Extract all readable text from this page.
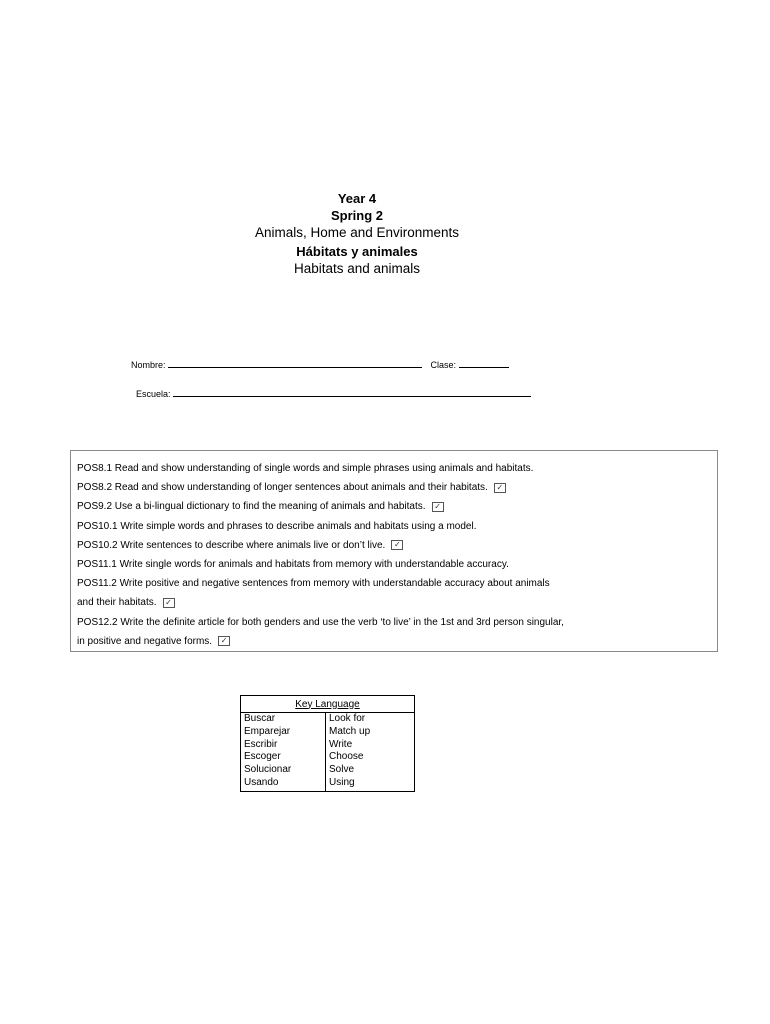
Year 4
Spring 2
Animals, Home and Environments
Hábitats y animales
Habitats and animals
Nombre:	Clase:
Escuela:
POS8.1 Read and show understanding of single words and simple phrases using animals and habitats.
POS8.2 Read and show understanding of longer sentences about animals and their habitats. ✓
POS9.2 Use a bi-lingual dictionary to find the meaning of animals and habitats. ✓
POS10.1 Write simple words and phrases to describe animals and habitats using a model.
POS10.2 Write sentences to describe where animals live or don’t live. ✓
POS11.1 Write single words for animals and habitats from memory with understandable accuracy.
POS11.2 Write positive and negative sentences from memory with understandable accuracy about animals
and their habitats. ✓
POS12.2 Write the definite article for both genders and use the verb ‘to live’ in the 1st and 3rd person singular,
in positive and negative forms. ✓
Key Language	
Buscar	Look for
Emparejar	Match up
Escribir	Write
Escoger	Choose
Solucionar	Solve
Usando	Using
